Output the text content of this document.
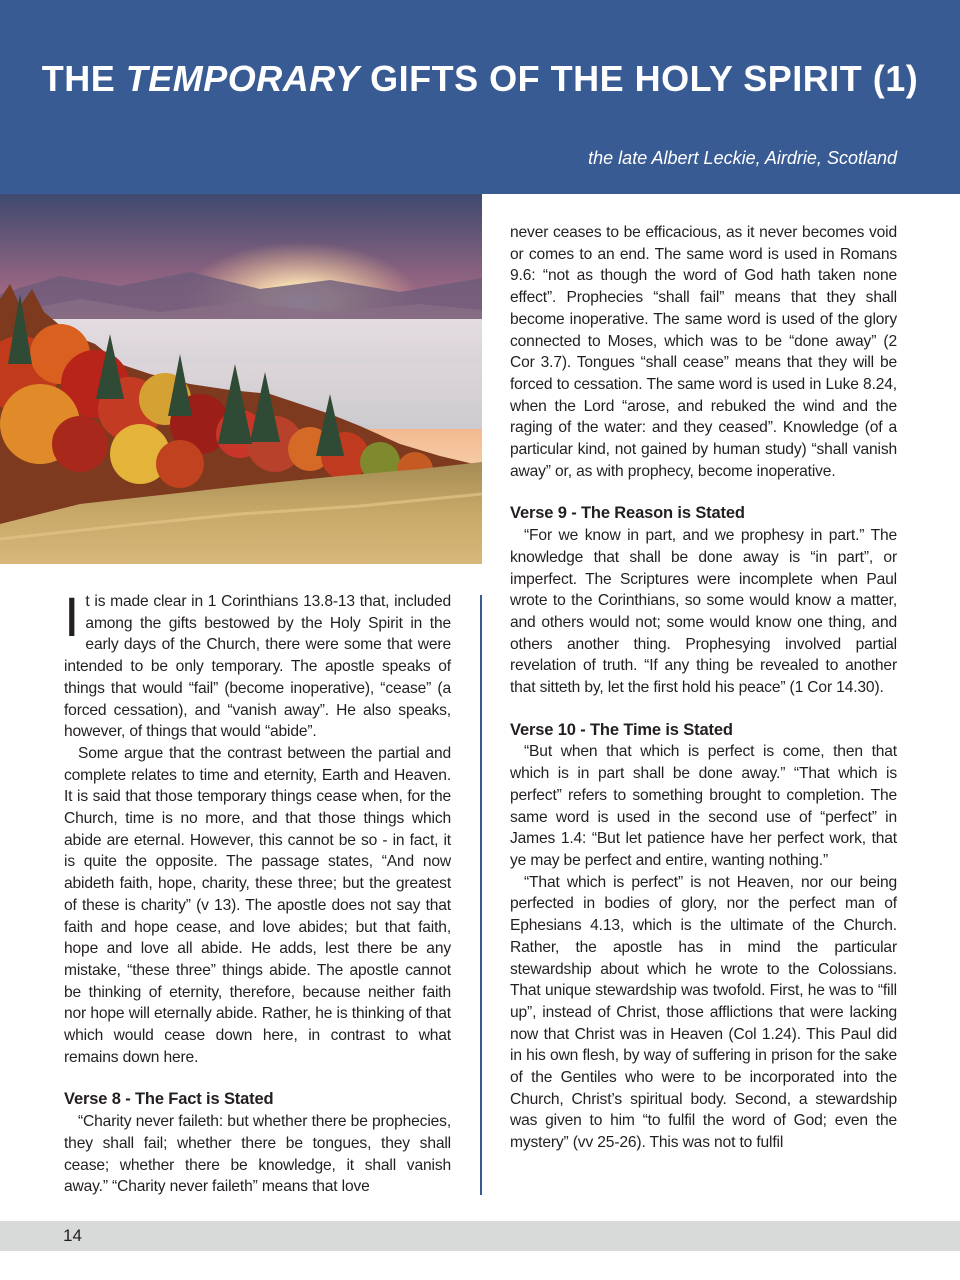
THE TEMPORARY GIFTS OF THE HOLY SPIRIT (1)
the late Albert Leckie, Airdrie, Scotland

It is made clear in 1 Corinthians 13.8-13 that, included among the gifts bestowed by the Holy Spirit in the early days of the Church, there were some that were intended to be only temporary. The apostle speaks of things that would “fail” (become inoperative), “cease” (a forced cessation), and “vanish away”. He also speaks, however, of things that would “abide”.

Some argue that the contrast between the partial and complete relates to time and eternity, Earth and Heaven. It is said that those temporary things cease when, for the Church, time is no more, and that those things which abide are eternal. However, this cannot be so - in fact, it is quite the opposite. The passage states, “And now abideth faith, hope, charity, these three; but the greatest of these is charity” (v 13). The apostle does not say that faith and hope cease, and love abides; but that faith, hope and love all abide. He adds, lest there be any mistake, “these three” things abide. The apostle cannot be thinking of eternity, therefore, because neither faith nor hope will eternally abide. Rather, he is thinking of that which would cease down here, in contrast to what remains down here.

Verse 8 - The Fact is Stated

“Charity never faileth: but whether there be prophecies, they shall fail; whether there be tongues, they shall cease; whether there be knowledge, it shall vanish away.” “Charity never faileth” means that love

never ceases to be efficacious, as it never becomes void or comes to an end. The same word is used in Romans 9.6: “not as though the word of God hath taken none effect”. Prophecies “shall fail” means that they shall become inoperative. The same word is used of the glory connected to Moses, which was to be “done away” (2 Cor 3.7). Tongues “shall cease” means that they will be forced to cessation. The same word is used in Luke 8.24, when the Lord “arose, and rebuked the wind and the raging of the water: and they ceased”. Knowledge (of a particular kind, not gained by human study) “shall vanish away” or, as with prophecy, become inoperative.

Verse 9 - The Reason is Stated

“For we know in part, and we prophesy in part.” The knowledge that shall be done away is “in part”, or imperfect. The Scriptures were incomplete when Paul wrote to the Corinthians, so some would know a matter, and others would not; some would know one thing, and others another thing. Prophesying involved partial revelation of truth. “If any thing be revealed to another that sitteth by, let the first hold his peace” (1 Cor 14.30).

Verse 10 - The Time is Stated

“But when that which is perfect is come, then that which is in part shall be done away.” “That which is perfect” refers to something brought to completion. The same word is used in the second use of “perfect” in James 1.4: “But let patience have her perfect work, that ye may be perfect and entire, wanting nothing.”

“That which is perfect” is not Heaven, nor our being perfected in bodies of glory, nor the perfect man of Ephesians 4.13, which is the ultimate of the Church. Rather, the apostle has in mind the particular stewardship about which he wrote to the Colossians. That unique stewardship was twofold. First, he was to “fill up”, instead of Christ, those afflictions that were lacking now that Christ was in Heaven (Col 1.24). This Paul did in his own flesh, by way of suffering in prison for the sake of the Gentiles who were to be incorporated into the Church, Christ’s spiritual body. Second, a stewardship was given to him “to fulfil the word of God; even the mystery” (vv 25-26). This was not to fulfil

14
